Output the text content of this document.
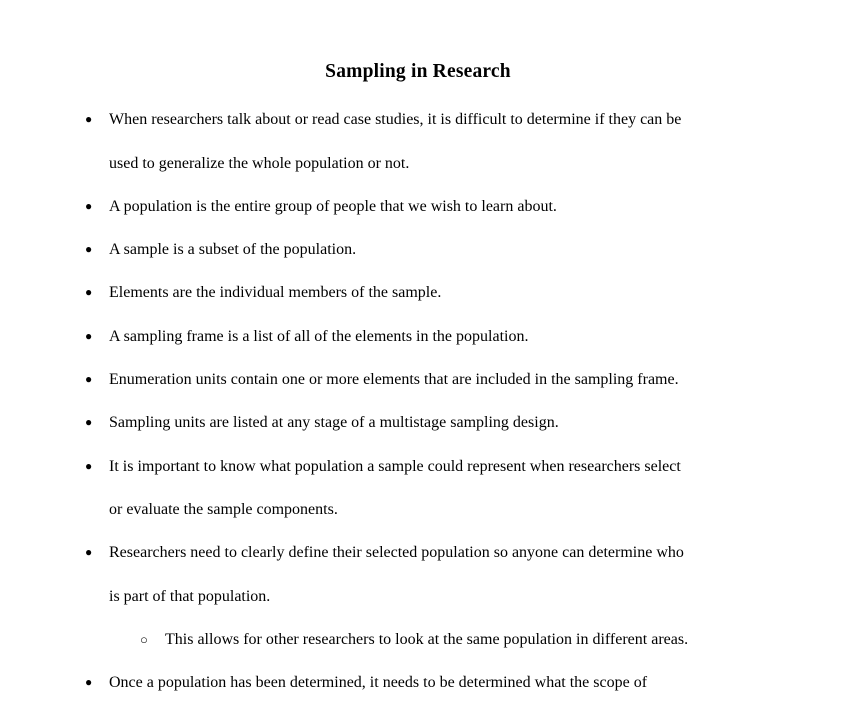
Sampling in Research
●	When researchers talk about or read case studies, it is difficult to determine if they can be
used to generalize the whole population or not.
●	A population is the entire group of people that we wish to learn about.
●	A sample is a subset of the population.
●	Elements are the individual members of the sample.
●	A sampling frame is a list of all of the elements in the population.
●	Enumeration units contain one or more elements that are included in the sampling frame.
●	Sampling units are listed at any stage of a multistage sampling design.
●	It is important to know what population a sample could represent when researchers select
or evaluate the sample components.
●	Researchers need to clearly define their selected population so anyone can determine who
is part of that population.
○	This allows for other researchers to look at the same population in different areas.
●	Once a population has been determined, it needs to be determined what the scope of
